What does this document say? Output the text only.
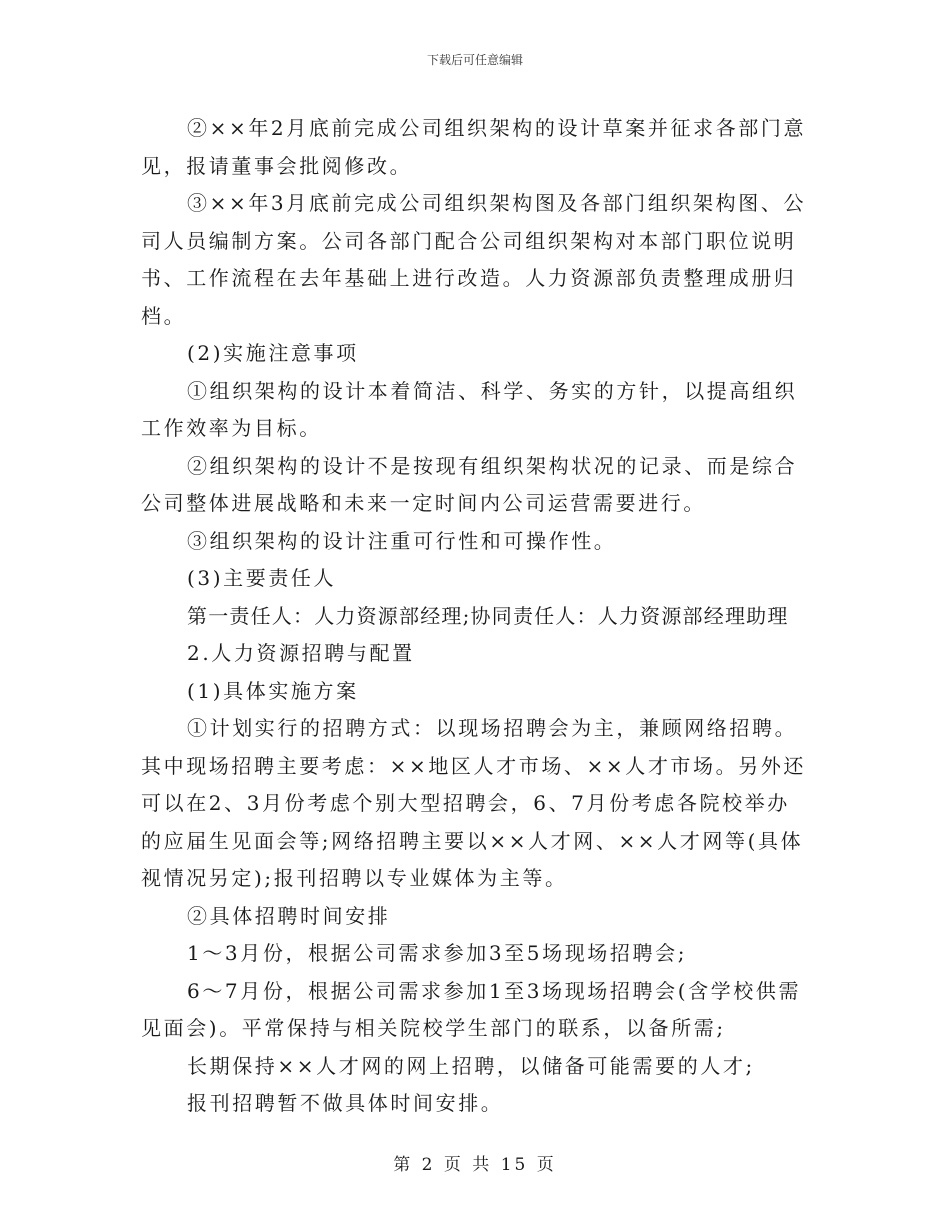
下载后可任意编辑

②××年2月底前完成公司组织架构的设计草案并征求各部门意见，报请董事会批阅修改。

③××年3月底前完成公司组织架构图及各部门组织架构图、公司人员编制方案。公司各部门配合公司组织架构对本部门职位说明书、工作流程在去年基础上进行改造。人力资源部负责整理成册归档。

(2)实施注意事项

①组织架构的设计本着简洁、科学、务实的方针，以提高组织工作效率为目标。

②组织架构的设计不是按现有组织架构状况的记录、而是综合公司整体进展战略和未来一定时间内公司运营需要进行。

③组织架构的设计注重可行性和可操作性。

(3)主要责任人

第一责任人：人力资源部经理;协同责任人：人力资源部经理助理

2.人力资源招聘与配置

(1)具体实施方案

①计划实行的招聘方式：以现场招聘会为主，兼顾网络招聘。其中现场招聘主要考虑：××地区人才市场、××人才市场。另外还可以在2、3月份考虑个别大型招聘会，6、7月份考虑各院校举办的应届生见面会等;网络招聘主要以××人才网、××人才网等(具体视情况另定);报刊招聘以专业媒体为主等。

②具体招聘时间安排

1～3月份，根据公司需求参加3至5场现场招聘会;

6～7月份，根据公司需求参加1至3场现场招聘会(含学校供需见面会)。平常保持与相关院校学生部门的联系，以备所需;

长期保持××人才网的网上招聘，以储备可能需要的人才;

报刊招聘暂不做具体时间安排。

第 2 页 共 15 页
